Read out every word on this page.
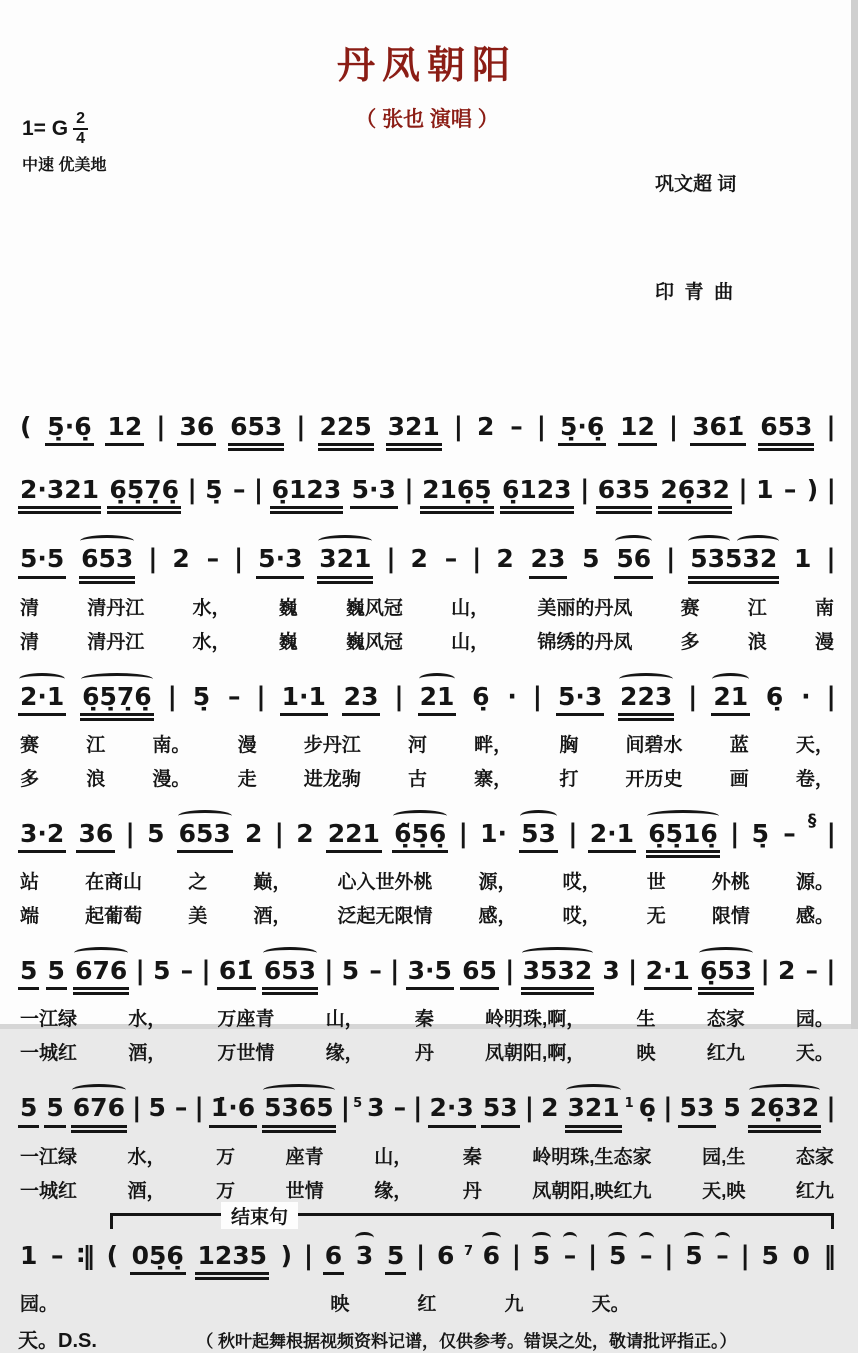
丹凤朝阳
1= G $\frac{2}{4}$
中速 优美地
（ 张也 演唱 ）

巩文超 词

印  青  曲

( 5̣·6̣ 12 | 36 653 | 225 321 | 2 – | 5̣·6̣ 12 | 361̇ 653 |
2·321 6̣5̣7̣6̣ | 5̣ – | 6̣123 5·3 | 216̣5̣ 6̣123 | 635 26̣32 | 1 – ) |
5·5 653 | 2 – | 5·3 321 | 2 – | 2 23 5 56 | 53532 1 |
清	清丹江	水，	巍	巍风冠	山，	美丽的丹凤	赛	江	南
清	清丹江	水，	巍	巍风冠	山，	锦绣的丹凤	多	浪	漫
2·1 6̣5̣7̣6̣ | 5̣ – | 1·1 23 | 21 6̣ · | 5·3 223 | 21 6̣ · |
赛 江 南。 漫 步丹江 河 畔， 胸 间碧水 蓝 天，
多 浪 漫。 走 进龙驹 古 寨， 打 开历史 画 卷，
3·2 36 | 5 653 2 | 2 221 6̣̃5̣6̣ | 1· 53 | 2·1 6̣5̣16̣ | 5̣ – § |
站 在商山 之 巅， 心入世外桃 源， 哎， 世 外桃 源。
端 起葡萄 美 酒， 泛起无限情 感， 哎， 无 限情 感。
5 5 676 | 5 – | 61̇ 653 | 5 – | 3·5 65 | 3532 3 | 2·1 6̣53 | 2 – |
一江绿	水，	万座青	山，	秦	岭明珠,啊，	生	态家	园。
一城红	酒，	万世情	缘，	丹	凤朝阳,啊，	映	红九	天。
5 5 676 | 5 – | 1̇·6 5365 | 5 3 – | 2·3 53 | 2 321 1 6̣ | 53 5 26̣32 |
一江绿	水，	万	座青	山，	秦	岭明珠,生态家	园,生	态家
一城红	酒，	万	世情	缘，	丹	凤朝阳,映红九	天,映	红九
结束句
1 – ∶‖ ( 05̣6̣ 1235 ) | 6 3 5 | 6 7 6 | 5 – | 5 – | 5 – | 5 0 ‖
园。	映	红	九	天。
天。D.S.	（ 秋叶起舞根据视频资料记谱，仅供参考。错误之处，敬请批评指正。）
